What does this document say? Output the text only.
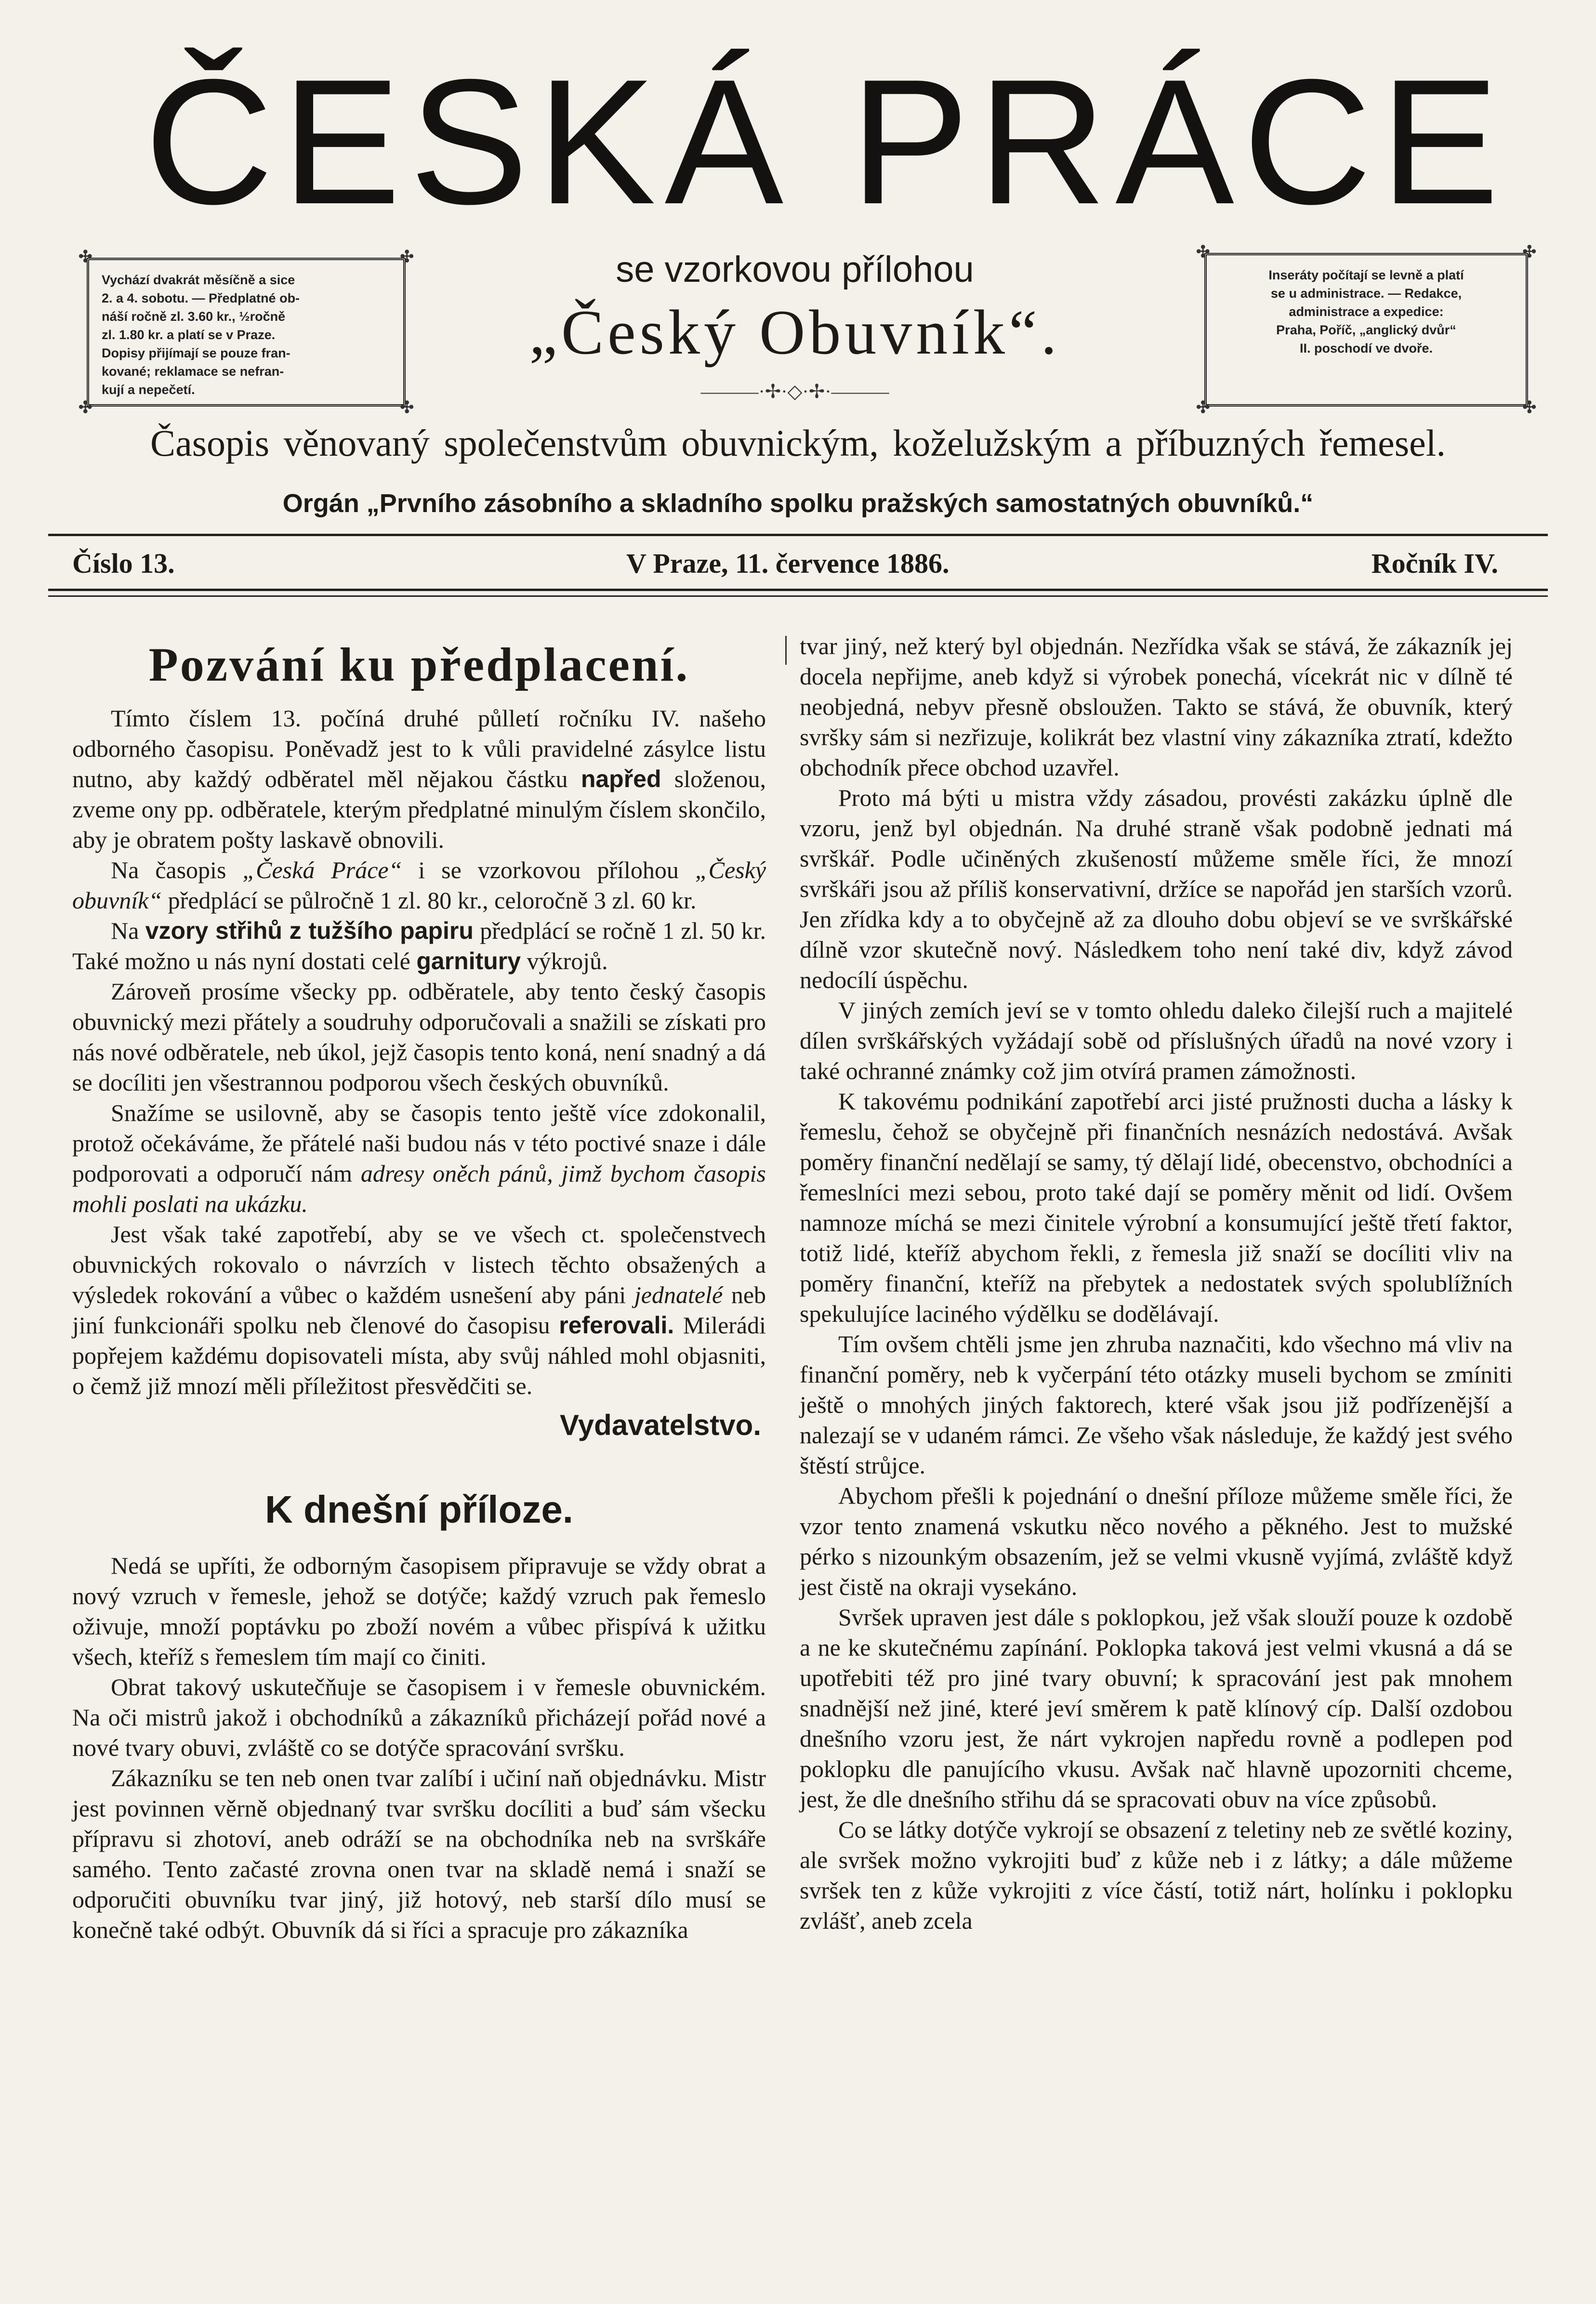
ČESKÁ PRÁCE
✣	✣
✣	✣
Vychází dvakrát měsíčně a sice
2. a 4. sobotu. — Předplatné ob-
náší ročně zl. 3.60 kr., ½ročně
zl. 1.80 kr. a platí se v Praze.
Dopisy přijímají se pouze fran-
kované; reklamace se nefran-
kují a nepečetí.
se vzorkovou přílohou
„Český Obuvník“.
———·✢·◇·✢·———
✣	✣
✣	✣
Inseráty počítají se levně a platí
se u administrace. — Redakce,
administrace a expedice:
Praha, Poříč, „anglický dvůr“
II. poschodí ve dvoře.
Časopis věnovaný společenstvům obuvnickým, koželužským a příbuzných řemesel.
Orgán „Prvního zásobního a skladního spolku pražských samostatných obuvníků.“
Číslo 13.	V Praze, 11. července 1886.	Ročník IV.
Pozvání ku předplacení.

Tímto číslem 13. počíná druhé půlletí ročníku IV. našeho odborného časopisu. Poněvadž jest to k vůli pravidelné zásylce listu nutno, aby každý odběratel měl nějakou částku napřed složenou, zveme ony pp. odběratele, kterým předplatné minulým číslem skončilo, aby je obratem pošty laskavě obnovili.

Na časopis „Česká Práce“ i se vzorkovou přílohou „Český obuvník“ předplácí se půlročně 1 zl. 80 kr., celoročně 3 zl. 60 kr.

Na vzory střihů z tužšího papiru předplácí se ročně 1 zl. 50 kr. Také možno u nás nyní dostati celé garnitury výkrojů.

Zároveň prosíme všecky pp. odběratele, aby tento český časopis obuvnický mezi přátely a soudruhy odporučovali a snažili se získati pro nás nové odběratele, neb úkol, jejž časopis tento koná, není snadný a dá se docíliti jen všestrannou podporou všech českých obuvníků.

Snažíme se usilovně, aby se časopis tento ještě více zdokonalil, protož očekáváme, že přátelé naši budou nás v této poctivé snaze i dále podporovati a odporučí nám adresy oněch pánů, jimž bychom časopis mohli poslati na ukázku.

Jest však také zapotřebí, aby se ve všech ct. společenstvech obuvnických rokovalo o návrzích v listech těchto obsažených a výsledek rokování a vůbec o každém usnešení aby páni jednatelé neb jiní funkcionáři spolku neb členové do časopisu referovali. Milerádi popřejem každému dopisovateli místa, aby svůj náhled mohl objasniti, o čemž již mnozí měli příležitost přesvědčiti se.

Vydavatelstvo.

K dnešní příloze.

Nedá se upříti, že odborným časopisem připravuje se vždy obrat a nový vzruch v řemesle, jehož se dotýče; každý vzruch pak řemeslo oživuje, množí poptávku po zboží novém a vůbec přispívá k užitku všech, kteříž s řemeslem tím mají co činiti.

Obrat takový uskutečňuje se časopisem i v řemesle obuvnickém. Na oči mistrů jakož i obchodníků a zákazníků přicházejí pořád nové a nové tvary obuvi, zvláště co se dotýče spracování svršku.

Zákazníku se ten neb onen tvar zalíbí i učiní naň objednávku. Mistr jest povinnen věrně objednaný tvar svršku docíliti a buď sám všecku přípravu si zhotoví, aneb odráží se na obchodníka neb na svrškáře samého. Tento začasté zrovna onen tvar na skladě nemá i snaží se odporučiti obuvníku tvar jiný, již hotový, neb starší dílo musí se konečně také odbýt. Obuvník dá si říci a spracuje pro zákazníka

tvar jiný, než který byl objednán. Nezřídka však se stává, že zákazník jej docela nepřijme, aneb když si výrobek ponechá, vícekrát nic v dílně té neobjedná, nebyv přesně obsloužen. Takto se stává, že obuvník, který svršky sám si nezřizuje, kolikrát bez vlastní viny zákazníka ztratí, kdežto obchodník přece obchod uzavřel.

Proto má býti u mistra vždy zásadou, provésti zakázku úplně dle vzoru, jenž byl objednán. Na druhé straně však podobně jednati má svrškář. Podle učiněných zkušeností můžeme směle říci, že mnozí svrškáři jsou až příliš konservativní, držíce se napořád jen starších vzorů. Jen zřídka kdy a to obyčejně až za dlouho dobu objeví se ve svrškářské dílně vzor skutečně nový. Následkem toho není také div, když závod nedocílí úspěchu.

V jiných zemích jeví se v tomto ohledu daleko čilejší ruch a majitelé dílen svrškářských vyžádají sobě od příslušných úřadů na nové vzory i také ochranné známky což jim otvírá pramen zámožnosti.

K takovému podnikání zapotřebí arci jisté pružnosti ducha a lásky k řemeslu, čehož se obyčejně při finančních nesnázích nedostává. Avšak poměry finanční nedělají se samy, tý dělají lidé, obecenstvo, obchodníci a řemeslníci mezi sebou, proto také dají se poměry měnit od lidí. Ovšem namnoze míchá se mezi činitele výrobní a konsumující ještě třetí faktor, totiž lidé, kteříž abychom řekli, z řemesla již snaží se docíliti vliv na poměry finanční, kteříž na přebytek a nedostatek svých spolublížních spekulujíce laciného výdělku se dodělávají.

Tím ovšem chtěli jsme jen zhruba naznačiti, kdo všechno má vliv na finanční poměry, neb k vyčerpání této otázky museli bychom se zmíniti ještě o mnohých jiných faktorech, které však jsou již podřízenější a nalezají se v udaném rámci. Ze všeho však následuje, že každý jest svého štěstí strůjce.

Abychom přešli k pojednání o dnešní příloze můžeme směle říci, že vzor tento znamená vskutku něco nového a pěkného. Jest to mužské pérko s nizounkým obsazením, jež se velmi vkusně vyjímá, zvláště když jest čistě na okraji vysekáno.

Svršek upraven jest dále s poklopkou, jež však slouží pouze k ozdobě a ne ke skutečnému zapínání. Poklopka taková jest velmi vkusná a dá se upotřebiti též pro jiné tvary obuvní; k spracování jest pak mnohem snadnější než jiné, které jeví směrem k patě klínový cíp. Další ozdobou dnešního vzoru jest, že nárt vykrojen napředu rovně a podlepen pod poklopku dle panujícího vkusu. Avšak nač hlavně upozorniti chceme, jest, že dle dnešního střihu dá se spracovati obuv na více způsobů.

Co se látky dotýče vykrojí se obsazení z teletiny neb ze světlé koziny, ale svršek možno vykrojiti buď z kůže neb i z látky; a dále můžeme svršek ten z kůže vykrojiti z více částí, totiž nárt, holínku i poklopku zvlášť, aneb zcela
